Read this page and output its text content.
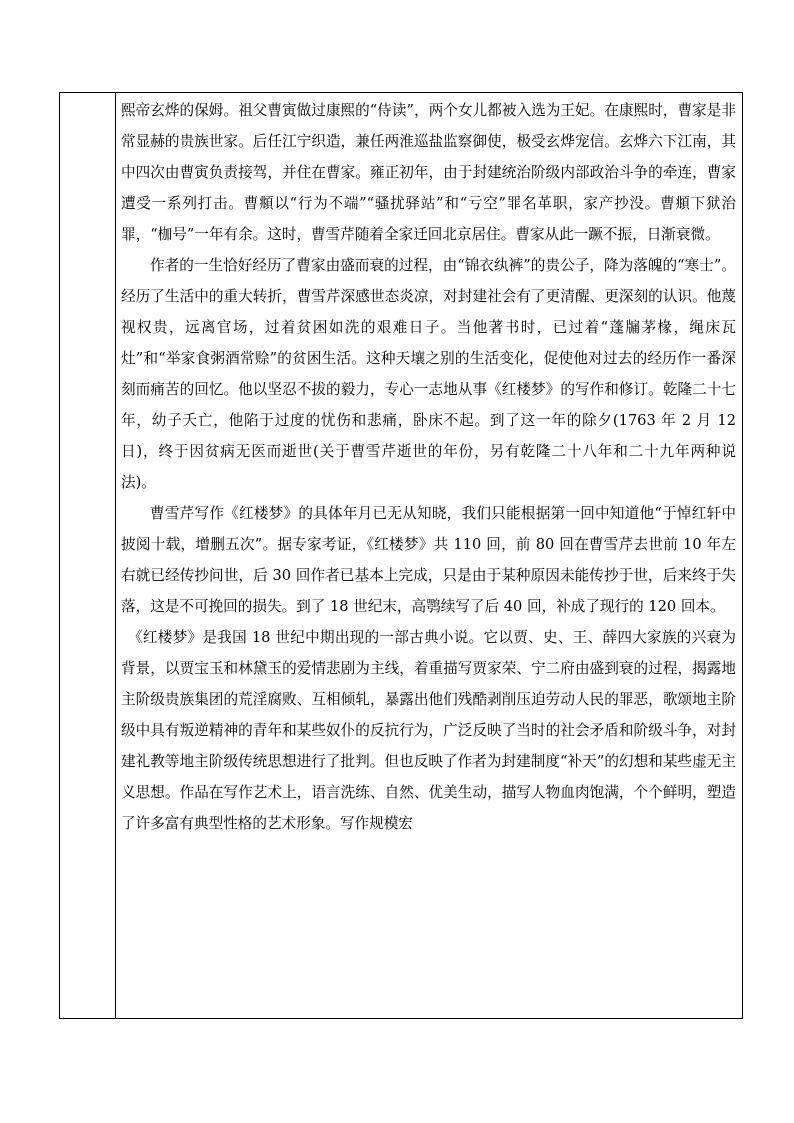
熙帝玄烨的保姆。祖父曹寅做过康熙的“侍读”，两个女儿都被入选为王妃。在康熙时，曹家是非常显赫的贵族世家。后任江宁织造，兼任两淮巡盐监察御使，极受玄烨宠信。玄烨六下江南，其中四次由曹寅负责接驾，并住在曹家。雍正初年，由于封建统治阶级内部政治斗争的牵连，曹家遭受一系列打击。曹頫以“行为不端”“骚扰驿站”和“亏空”罪名革职，家产抄没。曹頫下狱治罪，“枷号”一年有余。这时，曹雪芹随着全家迁回北京居住。曹家从此一蹶不振，日渐衰微。

作者的一生恰好经历了曹家由盛而衰的过程，由“锦衣纨裤”的贵公子，降为落魄的“寒士”。 经历了生活中的重大转折，曹雪芹深感世态炎凉，对封建社会有了更清醒、更深刻的认识。他蔑视权贵，远离官场，过着贫困如洗的艰难日子。当他著书时，已过着“蓬牖茅椽，绳床瓦灶”和“举家食粥酒常赊”的贫困生活。这种天壤之别的生活变化，促使他对过去的经历作一番深刻而痛苦的回忆。他以坚忍不拔的毅力，专心一志地从事《红楼梦》的写作和修订。乾隆二十七年，幼子夭亡，他陷于过度的忧伤和悲痛，卧床不起。到了这一年的除夕(1763 年 2 月 12 日)，终于因贫病无医而逝世(关于曹雪芹逝世的年份，另有乾隆二十八年和二十九年两种说法)。

曹雪芹写作《红楼梦》的具体年月已无从知晓，我们只能根据第一回中知道他“于悼红轩中披阅十载，增删五次”。据专家考证，《红楼梦》共 110 回，前 80 回在曹雪芹去世前 10 年左右就已经传抄问世，后 30 回作者已基本上完成，只是由于某种原因未能传抄于世，后来终于失落，这是不可挽回的损失。到了 18 世纪末，高鹗续写了后 40 回，补成了现行的 120 回本。

《红楼梦》是我国 18 世纪中期出现的一部古典小说。它以贾、史、王、薛四大家族的兴衰为背景，以贾宝玉和林黛玉的爱情悲剧为主线，着重描写贾家荣、宁二府由盛到衰的过程，揭露地主阶级贵族集团的荒淫腐败、互相倾轧，暴露出他们残酷剥削压迫劳动人民的罪恶，歌颂地主阶级中具有叛逆精神的青年和某些奴仆的反抗行为，广泛反映了当时的社会矛盾和阶级斗争，对封建礼教等地主阶级传统思想进行了批判。但也反映了作者为封建制度“补天”的幻想和某些虚无主义思想。作品在写作艺术上，语言洗练、自然、优美生动，描写人物血肉饱满，个个鲜明，塑造了许多富有典型性格的艺术形象。写作规模宏
